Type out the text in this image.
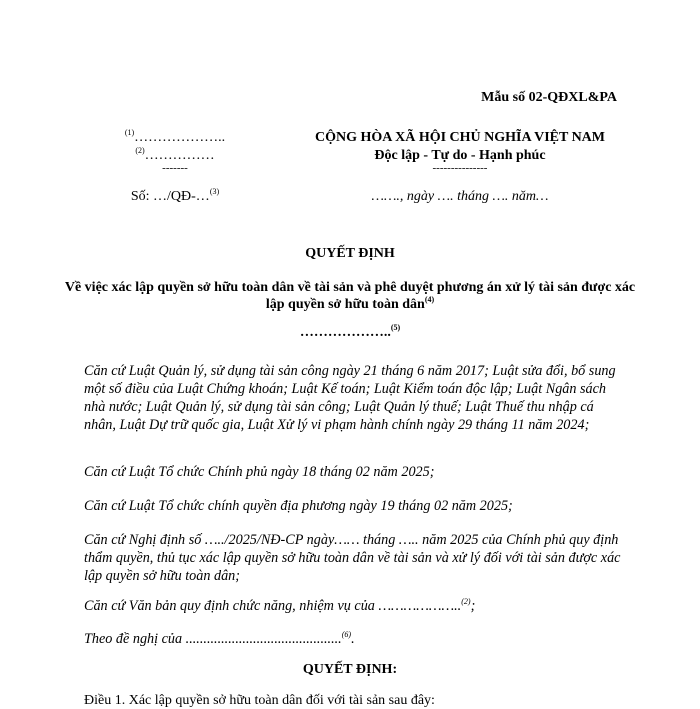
Mẫu số 02-QĐXL&PA
$^{(1)}$………………..
$^{(2)}$……………
-------
Số: …/QĐ-…$^{(3)}$
CỘNG HÒA XÃ HỘI CHỦ NGHĨA VIỆT NAM
Độc lập - Tự do - Hạnh phúc
---------------
……., ngày …. tháng …. năm…
QUYẾT ĐỊNH
Về việc xác lập quyền sở hữu toàn dân về tài sản và phê duyệt phương án xử lý tài sản được xác lập quyền sở hữu toàn dân$^{(4)}$
………………..$^{(5)}$
Căn cứ Luật Quản lý, sử dụng tài sản công ngày 21 tháng 6 năm 2017; Luật sửa đổi, bổ sung một số điều của Luật Chứng khoán; Luật Kế toán; Luật Kiểm toán độc lập; Luật Ngân sách nhà nước; Luật Quản lý, sử dụng tài sản công; Luật Quản lý thuế; Luật Thuế thu nhập cá nhân, Luật Dự trữ quốc gia, Luật Xử lý vi phạm hành chính ngày 29 tháng 11 năm 2024;
Căn cứ Luật Tổ chức Chính phủ ngày 18 tháng 02 năm 2025;
Căn cứ Luật Tổ chức chính quyền địa phương ngày 19 tháng 02 năm 2025;
Căn cứ Nghị định số …../2025/NĐ-CP ngày…… tháng ….. năm 2025 của Chính phủ quy định thẩm quyền, thủ tục xác lập quyền sở hữu toàn dân về tài sản và xử lý đối với tài sản được xác lập quyền sở hữu toàn dân;
Căn cứ Văn bản quy định chức năng, nhiệm vụ của ………………..$^{(2)}$;
Theo đề nghị của ............................................$^{(6)}$.
QUYẾT ĐỊNH:
Điều 1. Xác lập quyền sở hữu toàn dân đối với tài sản sau đây:
